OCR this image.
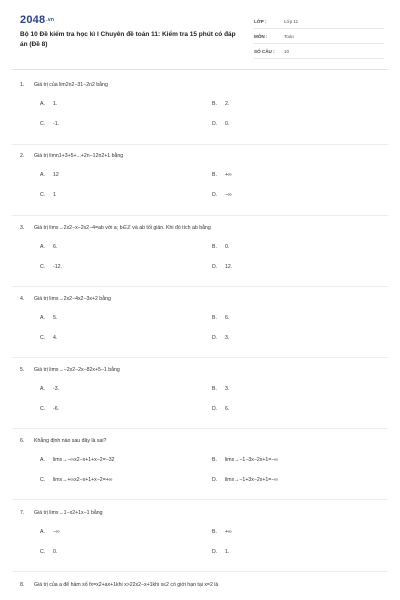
2048.vn
Bộ 10 Đề kiểm tra học kì I Chuyên đề toán 11: Kiểm tra 15 phút có đáp án (Đề 8)
LỚP :	Lớp 11
MÔN :	Toán
SỐ CÂU :	10
1. Giá trị của lim2n2−31−2n2 bằng
A. 1.	B. 2.
C. -1.	D. 0.
2. Giá trị limn1+3+5+...+2n−12n2+1 bằng
A. 12	B. +∞
C. 1	D. −∞
3. Giá trị limx→2x2−x−2x2−4=ab với a; b∈ℤ và ab tối giản. Khi đó tích ab bằng
A. 6.	B. 0.
C. -12.	D. 12.
4. Giá trị limx→2x2−4x2−3x+2 bằng
A. 5.	B. 6.
C. 4.	D. 3.
5. Giá trị limx→−2x2−2x−82x+5−1 bằng
A. -3.	B. 3.
C. -6.	D. 6.
6. Khẳng định nào sau đây là sai?
A. limx→−∞x2−x+1+x−2=−32	B. limx→−1−3x−2x+1=−∞
C. limx→+∞x2−x+1+x−2=+∞	D. limx→−1+3x−2x+1=−∞
7. Giá trị limx→1−x2+1x−1 bằng
A. −∞	B. +∞
C. 0.	D. 1.
8. Giá trị của a để hàm số fx=x2+ax+1khi x>22x2−x+1khi x≤2 có giới hạn tại x=2 là
